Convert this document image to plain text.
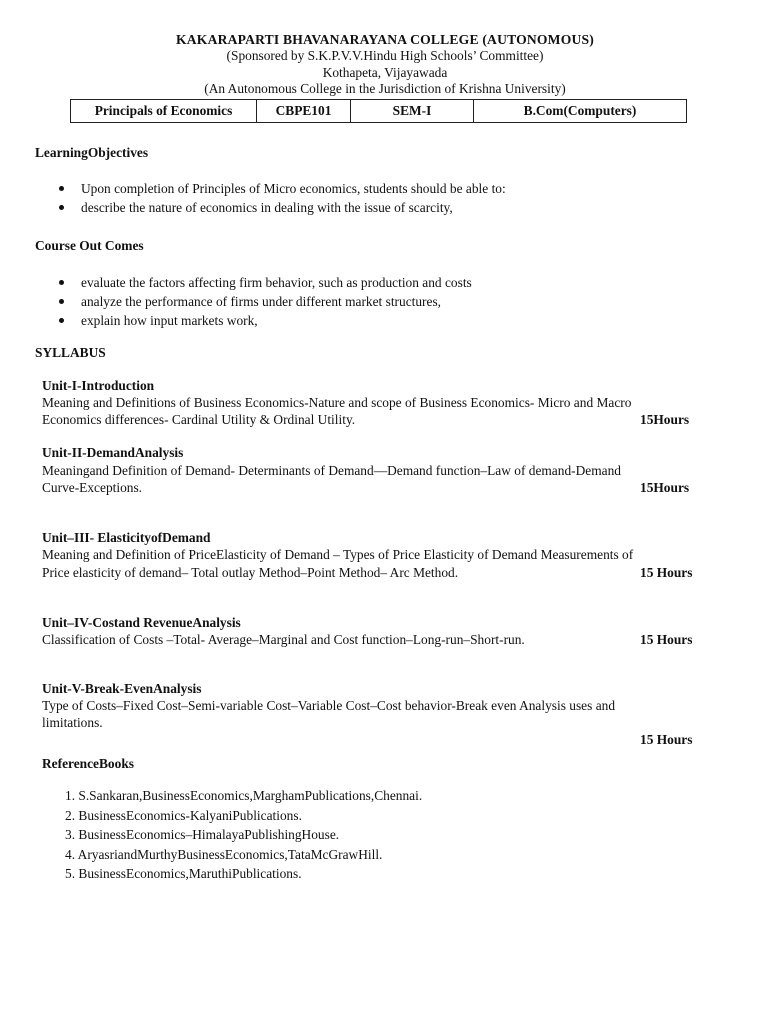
KAKARAPARTI BHAVANARAYANA COLLEGE (AUTONOMOUS)
(Sponsored by S.K.P.V.V.Hindu High Schools’ Committee)
Kothapeta, Vijayawada
(An Autonomous College in the Jurisdiction of Krishna University)
Principals of Economics	CBPE101	SEM-I	B.Com(Computers)
LearningObjectives
Upon completion of Principles of Micro economics, students should be able to:
describe the nature of economics in dealing with the issue of scarcity,
Course Out Comes
evaluate the factors affecting firm behavior, such as production and costs
analyze the performance of firms under different market structures,
explain how input markets work,
SYLLABUS
Unit-I-Introduction
Meaning and Definitions of Business Economics-Nature and scope of Business Economics- Micro and Macro
Economics differences- Cardinal Utility & Ordinal Utility.	15Hours
Unit-II-DemandAnalysis
Meaningand Definition of Demand- Determinants of Demand—Demand function–Law of demand-Demand
Curve-Exceptions.	15Hours
Unit–III- ElasticityofDemand
Meaning and Definition of PriceElasticity of Demand – Types of Price Elasticity of Demand Measurements of
Price elasticity of demand– Total outlay Method–Point Method– Arc Method.	15 Hours
Unit–IV-Costand RevenueAnalysis
Classification of Costs –Total- Average–Marginal and Cost function–Long-run–Short-run.	15 Hours
Unit-V-Break-EvenAnalysis
Type of Costs–Fixed Cost–Semi-variable Cost–Variable Cost–Cost behavior-Break even Analysis uses and
limitations.
15 Hours
ReferenceBooks
1. S.Sankaran,BusinessEconomics,MarghamPublications,Chennai.
2. BusinessEconomics-KalyaniPublications.
3. BusinessEconomics–HimalayaPublishingHouse.
4. AryasriandMurthyBusinessEconomics,TataMcGrawHill.
5. BusinessEconomics,MaruthiPublications.
